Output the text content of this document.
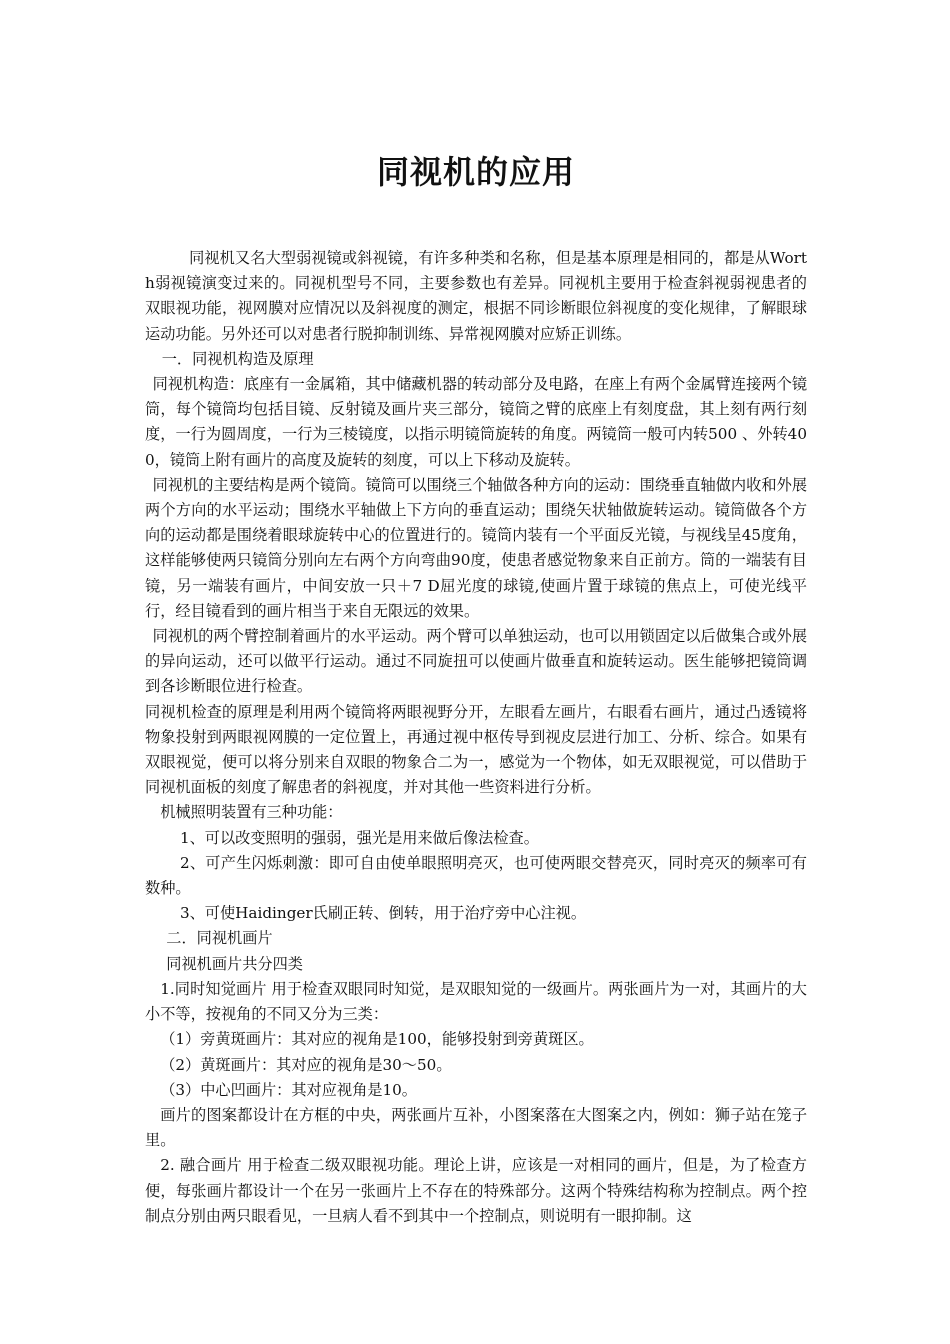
同视机的应用

同视机又名大型弱视镜或斜视镜，有许多种类和名称，但是基本原理是相同的，都是从Worth弱视镜演变过来的。同视机型号不同，主要参数也有差异。同视机主要用于检查斜视弱视患者的双眼视功能，视网膜对应情况以及斜视度的测定，根据不同诊断眼位斜视度的变化规律，了解眼球运动功能。另外还可以对患者行脱抑制训练、异常视网膜对应矫正训练。

一．同视机构造及原理

同视机构造：底座有一金属箱，其中储藏机器的转动部分及电路，在座上有两个金属臂连接两个镜筒，每个镜筒均包括目镜、反射镜及画片夹三部分，镜筒之臂的底座上有刻度盘，其上刻有两行刻度，一行为圆周度，一行为三棱镜度，以指示明镜筒旋转的角度。两镜筒一般可内转500 、外转400，镜筒上附有画片的高度及旋转的刻度，可以上下移动及旋转。

同视机的主要结构是两个镜筒。镜筒可以围绕三个轴做各种方向的运动：围绕垂直轴做内收和外展两个方向的水平运动；围绕水平轴做上下方向的垂直运动；围绕矢状轴做旋转运动。镜筒做各个方向的运动都是围绕着眼球旋转中心的位置进行的。镜筒内装有一个平面反光镜，与视线呈45度角，这样能够使两只镜筒分别向左右两个方向弯曲90度，使患者感觉物象来自正前方。筒的一端装有目镜，另一端装有画片，中间安放一只＋7 D屈光度的球镜,使画片置于球镜的焦点上，可使光线平行，经目镜看到的画片相当于来自无限远的效果。

同视机的两个臂控制着画片的水平运动。两个臂可以单独运动，也可以用锁固定以后做集合或外展的异向运动，还可以做平行运动。通过不同旋扭可以使画片做垂直和旋转运动。医生能够把镜筒调到各诊断眼位进行检查。

同视机检查的原理是利用两个镜筒将两眼视野分开，左眼看左画片，右眼看右画片，通过凸透镜将物象投射到两眼视网膜的一定位置上，再通过视中枢传导到视皮层进行加工、分析、综合。如果有双眼视觉，便可以将分别来自双眼的物象合二为一，感觉为一个物体，如无双眼视觉，可以借助于同视机面板的刻度了解患者的斜视度，并对其他一些资料进行分析。

机械照明装置有三种功能：

1、可以改变照明的强弱，强光是用来做后像法检查。

2、可产生闪烁刺激：即可自由使单眼照明亮灭，也可使两眼交替亮灭，同时亮灭的频率可有数种。

3、可使Haidinger氏刷正转、倒转，用于治疗旁中心注视。

二．同视机画片

同视机画片共分四类

1.同时知觉画片 用于检查双眼同时知觉，是双眼知觉的一级画片。两张画片为一对，其画片的大小不等，按视角的不同又分为三类：

（1）旁黄斑画片：其对应的视角是100，能够投射到旁黄斑区。

（2）黄斑画片：其对应的视角是30～50。

（3）中心凹画片：其对应视角是10。

画片的图案都设计在方框的中央，两张画片互补，小图案落在大图案之内，例如：狮子站在笼子里。

2. 融合画片 用于检查二级双眼视功能。理论上讲，应该是一对相同的画片，但是，为了检查方便，每张画片都设计一个在另一张画片上不存在的特殊部分。这两个特殊结构称为控制点。两个控制点分别由两只眼看见，一旦病人看不到其中一个控制点，则说明有一眼抑制。这
